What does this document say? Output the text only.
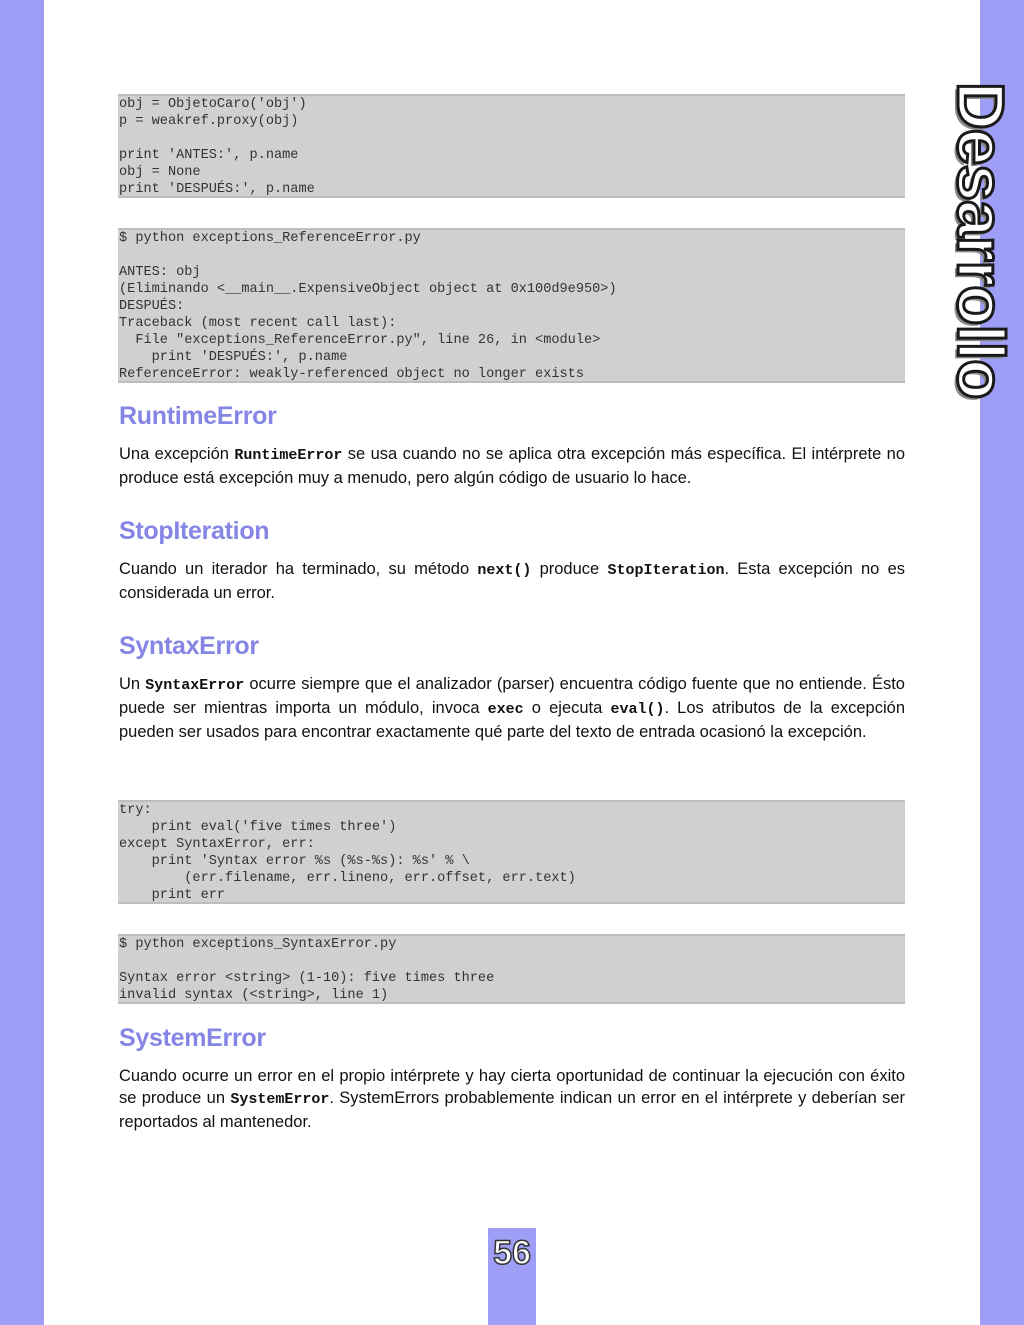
Desarrollo
obj = ObjetoCaro('obj')
p = weakref.proxy(obj)

print 'ANTES:', p.name
obj = None
print 'DESPUÉS:', p.name
$ python exceptions_ReferenceError.py

ANTES: obj
(Eliminando <__main__.ExpensiveObject object at 0x100d9e950>)
DESPUÉS:
Traceback (most recent call last):
File "exceptions_ReferenceError.py", line 26, in <module>
print 'DESPUÉS:', p.name
ReferenceError: weakly-referenced object no longer exists
RuntimeError

Una excepción RuntimeError se usa cuando no se aplica otra excepción más específica. El intérprete no produce está excepción muy a menudo, pero algún código de usuario lo hace.

StopIteration

Cuando un iterador ha terminado, su método next() produce StopIteration. Esta excepción no es considerada un error.

SyntaxError

Un SyntaxError ocurre siempre que el analizador (parser) encuentra código fuente que no entiende. Ésto puede ser mientras importa un módulo, invoca exec o ejecuta eval(). Los atributos de la excepción pueden ser usados para encontrar exactamente qué parte del texto de entrada ocasionó la excepción.

try:
print eval('five times three')
except SyntaxError, err:
print 'Syntax error %s (%s-%s): %s' % \
(err.filename, err.lineno, err.offset, err.text)
print err
$ python exceptions_SyntaxError.py

Syntax error <string> (1-10): five times three
invalid syntax (<string>, line 1)
SystemError

Cuando ocurre un error en el propio intérprete y hay cierta oportunidad de continuar la ejecución con éxito se produce un SystemError. SystemErrors probablemente indican un error en el intérprete y deberían ser reportados al mantenedor.

56
